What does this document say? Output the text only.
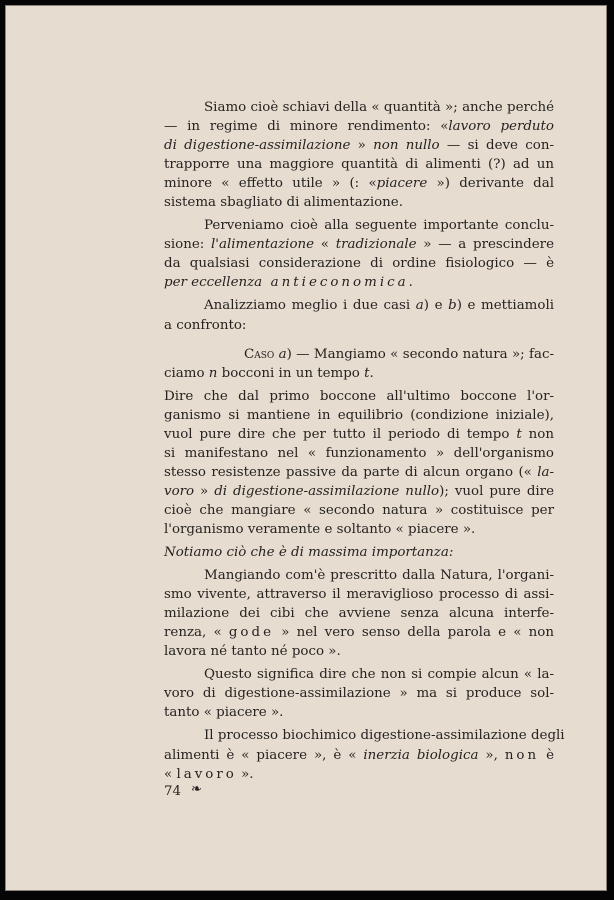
Siamo cioè schiavi della « quantità »; anche perché
— in regime di minore rendimento: «lavoro perduto
di digestione-assimilazione » non nullo — si deve con-
trapporre una maggiore quantità di alimenti (?) ad un
minore « effetto utile » (: «piacere ») derivante dal
sistema sbagliato di alimentazione.
Perveniamo cioè alla seguente importante conclu-
sione: l'alimentazione « tradizionale » — a prescindere
da qualsiasi considerazione di ordine fisiologico — è
per eccellenza antieconomica.
Analizziamo meglio i due casi a) e b) e mettiamoli
a confronto:
Caso a) — Mangiamo « secondo natura »; fac-
ciamo n bocconi in un tempo t.
Dire che dal primo boccone all'ultimo boccone l'or-
ganismo si mantiene in equilibrio (condizione iniziale),
vuol pure dire che per tutto il periodo di tempo t non
si manifestano nel « funzionamento » dell'organismo
stesso resistenze passive da parte di alcun organo (« la-
voro » di digestione-assimilazione nullo); vuol pure dire
cioè che mangiare « secondo natura » costituisce per
l'organismo veramente e soltanto « piacere ».
Notiamo ciò che è di massima importanza:
Mangiando com'è prescritto dalla Natura, l'organi-
smo vivente, attraverso il meraviglioso processo di assi-
milazione dei cibi che avviene senza alcuna interfe-
renza, « gode » nel vero senso della parola e « non
lavora né tanto né poco ».
Questo significa dire che non si compie alcun « la-
voro di digestione-assimilazione » ma si produce sol-
tanto « piacere ».
Il processo biochimico digestione-assimilazione degli
alimenti è « piacere », è « inerzia biologica », non è
« lavoro ».
74 ❧
